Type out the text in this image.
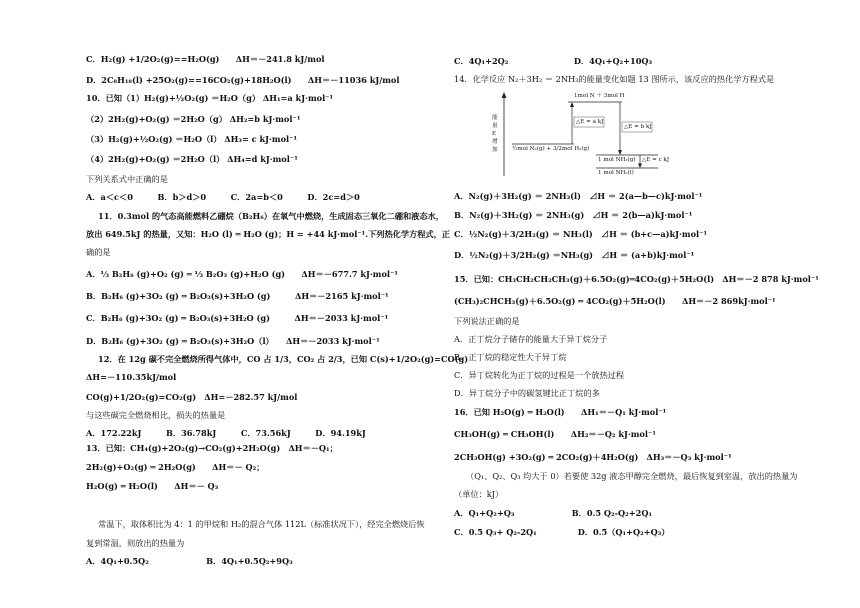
C．H₂(g) +1/2O₂(g)==H₂O(g)　　ΔH＝－241.8 kJ/mol
D．2C₈H₁₈(l) +25O₂(g)==16CO₂(g)+18H₂O(l)　　ΔH＝－11036 kJ/mol
10．已知（1）H₂(g)+½O₂(g) ＝H₂O（g） ΔH₁=a kJ·mol⁻¹
（2）2H₂(g)+O₂(g) ＝2H₂O（g） ΔH₂=b kJ·mol⁻¹
（3）H₂(g)+½O₂(g) ＝H₂O（l） ΔH₃= c kJ·mol⁻¹
（4）2H₂(g)+O₂(g) ＝2H₂O（l） ΔH₄=d kJ·mol⁻¹
下列关系式中正确的是
A．a＜c＜0　　　B．b＞d＞0　　　C．2a=b＜0　　　D．2c=d＞0
11．0.3mol 的气态高能燃料乙硼烷（B₂H₆）在氧气中燃烧，生成固态三氧化二硼和液态水，
放出 649.5kJ 的热量，又知：H₂O (l) ═ H₂O (g)；H = +44 kJ·mol⁻¹.下列热化学方程式，正
确的是
A．⅓ B₂H₆ (g)+O₂ (g) ═ ⅓ B₂O₃ (g)+H₂O (g)　　ΔH＝－677.7 kJ·mol⁻¹
B．B₂H₆ (g)+3O₂ (g) ═ B₂O₃(s)+3H₂O (g)　　　ΔH＝－2165 kJ·mol⁻¹
C．B₂H₆ (g)+3O₂ (g) ═ B₂O₃(s)+3H₂O (g)　　　ΔH＝－2033 kJ·mol⁻¹
D．B₂H₆ (g)+3O₂ (g) ═ B₂O₃(s)+3H₂O（l）　　ΔH＝－2033 kJ·mol⁻¹
12．在 12g 碳不完全燃烧所得气体中，CO 占 1/3，CO₂ 占 2/3，已知 C(s)+1/2O₂(g)=CO(g)
ΔH=－110.35kJ/mol
CO(g)+1/2O₂(g)=CO₂(g)　ΔH=－282.57 kJ/mol
与这些碳完全燃烧相比，损失的热量是
A．172.22kJ　　　B．36.78kJ　　　C．73.56kJ　　　D．94.19kJ
13．已知：CH₄(g)+2O₂(g)→CO₂(g)+2H₂O(g)　ΔH＝－Q₁；
2H₂(g)+O₂(g) ═ 2H₂O(g)　　ΔH＝－ Q₂；
H₂O(g) ═ H₂O(l)　　ΔH＝－ Q₃
常温下，取体积比为 4：1 的甲烷和 H₂的混合气体 112L（标准状况下），经完全燃烧后恢
复到常温，则放出的热量为
A．4Q₁+0.5Q₂　　　　　　　B．4Q₁+0.5Q₂+9Q₃
C．4Q₁+2Q₂　　　　　　　　D．4Q₁+Q₂+10Q₃
14．化学反应 N₂＋3H₂ ＝ 2NH₃的能量变化如题 13 图所示，该反应的热化学方程式是
A．N₂(g)＋3H₂(g) ＝ 2NH₃(l)　⊿H ＝ 2(a—b—c)kJ·mol⁻¹
B．N₂(g)＋3H₂(g) ＝ 2NH₃(g)　⊿H ＝ 2(b—a)kJ·mol⁻¹
C．½N₂(g)＋3/2H₂(g) ＝ NH₃(l)　⊿H ＝ (b+c—a)kJ·mol⁻¹
D．½N₂(g)＋3/2H₂(g) ＝NH₃(g)　⊿H ＝ (a+b)kJ·mol⁻¹
15．已知：CH₃CH₂CH₂CH₃(g)＋6.5O₂(g)═4CO₂(g)＋5H₂O(l)　ΔH＝－2 878 kJ·mol⁻¹
(CH₃)₂CHCH₃(g)＋6.5O₂(g) ═ 4CO₂(g)＋5H₂O(l)　　ΔH＝－2 869kJ·mol⁻¹
下列说法正确的是
A．正丁烷分子储存的能量大于异丁烷分子
B．正丁烷的稳定性大于异丁烷
C．异丁烷转化为正丁烷的过程是一个放热过程
D．异丁烷分子中的碳氢键比正丁烷的多
16．已知 H₂O(g) ═ H₂O(l)　　ΔH₁＝－Q₁ kJ·mol⁻¹
CH₃OH(g) ═ CH₃OH(l)　　ΔH₂＝－Q₂ kJ·mol⁻¹
2CH₃OH(g) +3O₂(g) ═ 2CO₂(g)＋4H₂O(g)　ΔH₃＝－Q₃ kJ·mol⁻¹
（Q₁、Q₂、Q₃ 均大于 0）若要使 32g 液态甲醇完全燃烧，最后恢复到室温，放出的热量为
（单位：kJ）
A．Q₁+Q₂+Q₃　　　　　　　B．0.5 Q₂-Q₂+2Q₁
C．0.5 Q₃+ Q₂-2Q₁　　　　　D．0.5（Q₁+Q₂+Q₃）
能量E增加
1mol N ＋ 3mol H
½mol N₂(g) + 3/2mol H₂(g)
△E = a kJ
△E = b kJ
△E = c kJ
1 mol NH₃(g)
1 mol NH₃(l)
